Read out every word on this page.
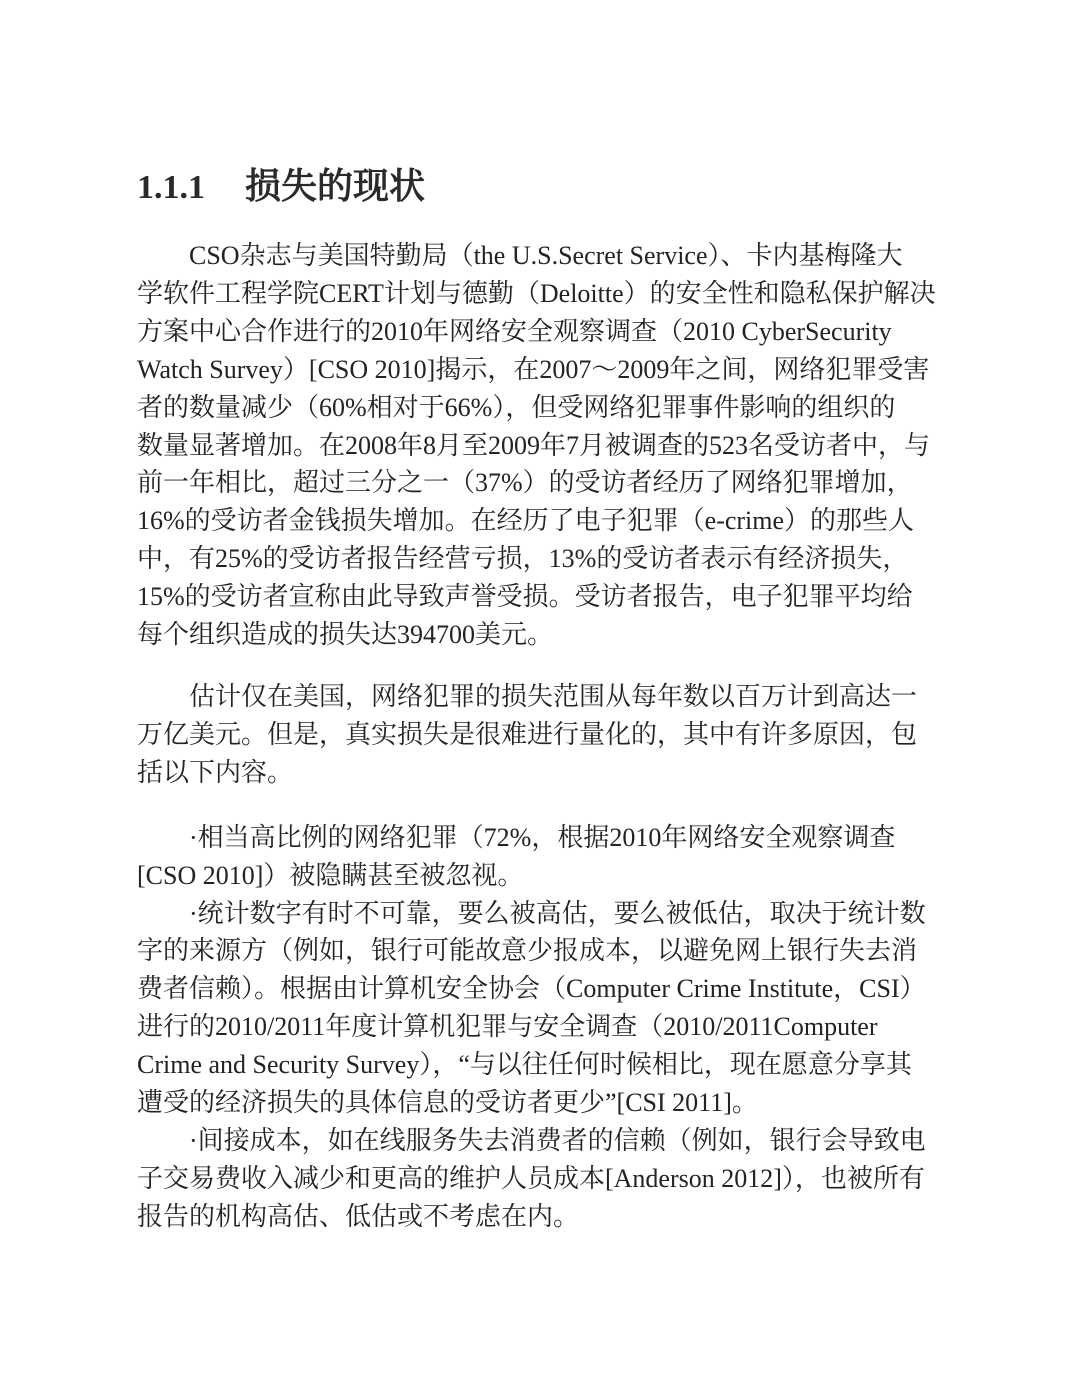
1.1.1 损失的现状
CSO杂志与美国特勤局（the U.S.Secret Service）、卡内基梅隆大
学软件工程学院CERT计划与德勤（Deloitte）的安全性和隐私保护解决
方案中心合作进行的2010年网络安全观察调查（2010 CyberSecurity
Watch Survey）[CSO 2010]揭示，在2007～2009年之间，网络犯罪受害
者的数量减少（60%相对于66%），但受网络犯罪事件影响的组织的
数量显著增加。在2008年8月至2009年7月被调查的523名受访者中，与
前一年相比，超过三分之一（37%）的受访者经历了网络犯罪增加，
16%的受访者金钱损失增加。在经历了电子犯罪（e-crime）的那些人
中，有25%的受访者报告经营亏损，13%的受访者表示有经济损失，
15%的受访者宣称由此导致声誉受损。受访者报告，电子犯罪平均给
每个组织造成的损失达394700美元。
估计仅在美国，网络犯罪的损失范围从每年数以百万计到高达一
万亿美元。但是，真实损失是很难进行量化的，其中有许多原因，包
括以下内容。
·相当高比例的网络犯罪（72%，根据2010年网络安全观察调查
[CSO 2010]）被隐瞒甚至被忽视。
·统计数字有时不可靠，要么被高估，要么被低估，取决于统计数
字的来源方（例如，银行可能故意少报成本，以避免网上银行失去消
费者信赖）。根据由计算机安全协会（Computer Crime Institute，CSI）
进行的2010/2011年度计算机犯罪与安全调查（2010/2011Computer
Crime and Security Survey），“与以往任何时候相比，现在愿意分享其
遭受的经济损失的具体信息的受访者更少”[CSI 2011]。
·间接成本，如在线服务失去消费者的信赖（例如，银行会导致电
子交易费收入减少和更高的维护人员成本[Anderson 2012]），也被所有
报告的机构高估、低估或不考虑在内。
